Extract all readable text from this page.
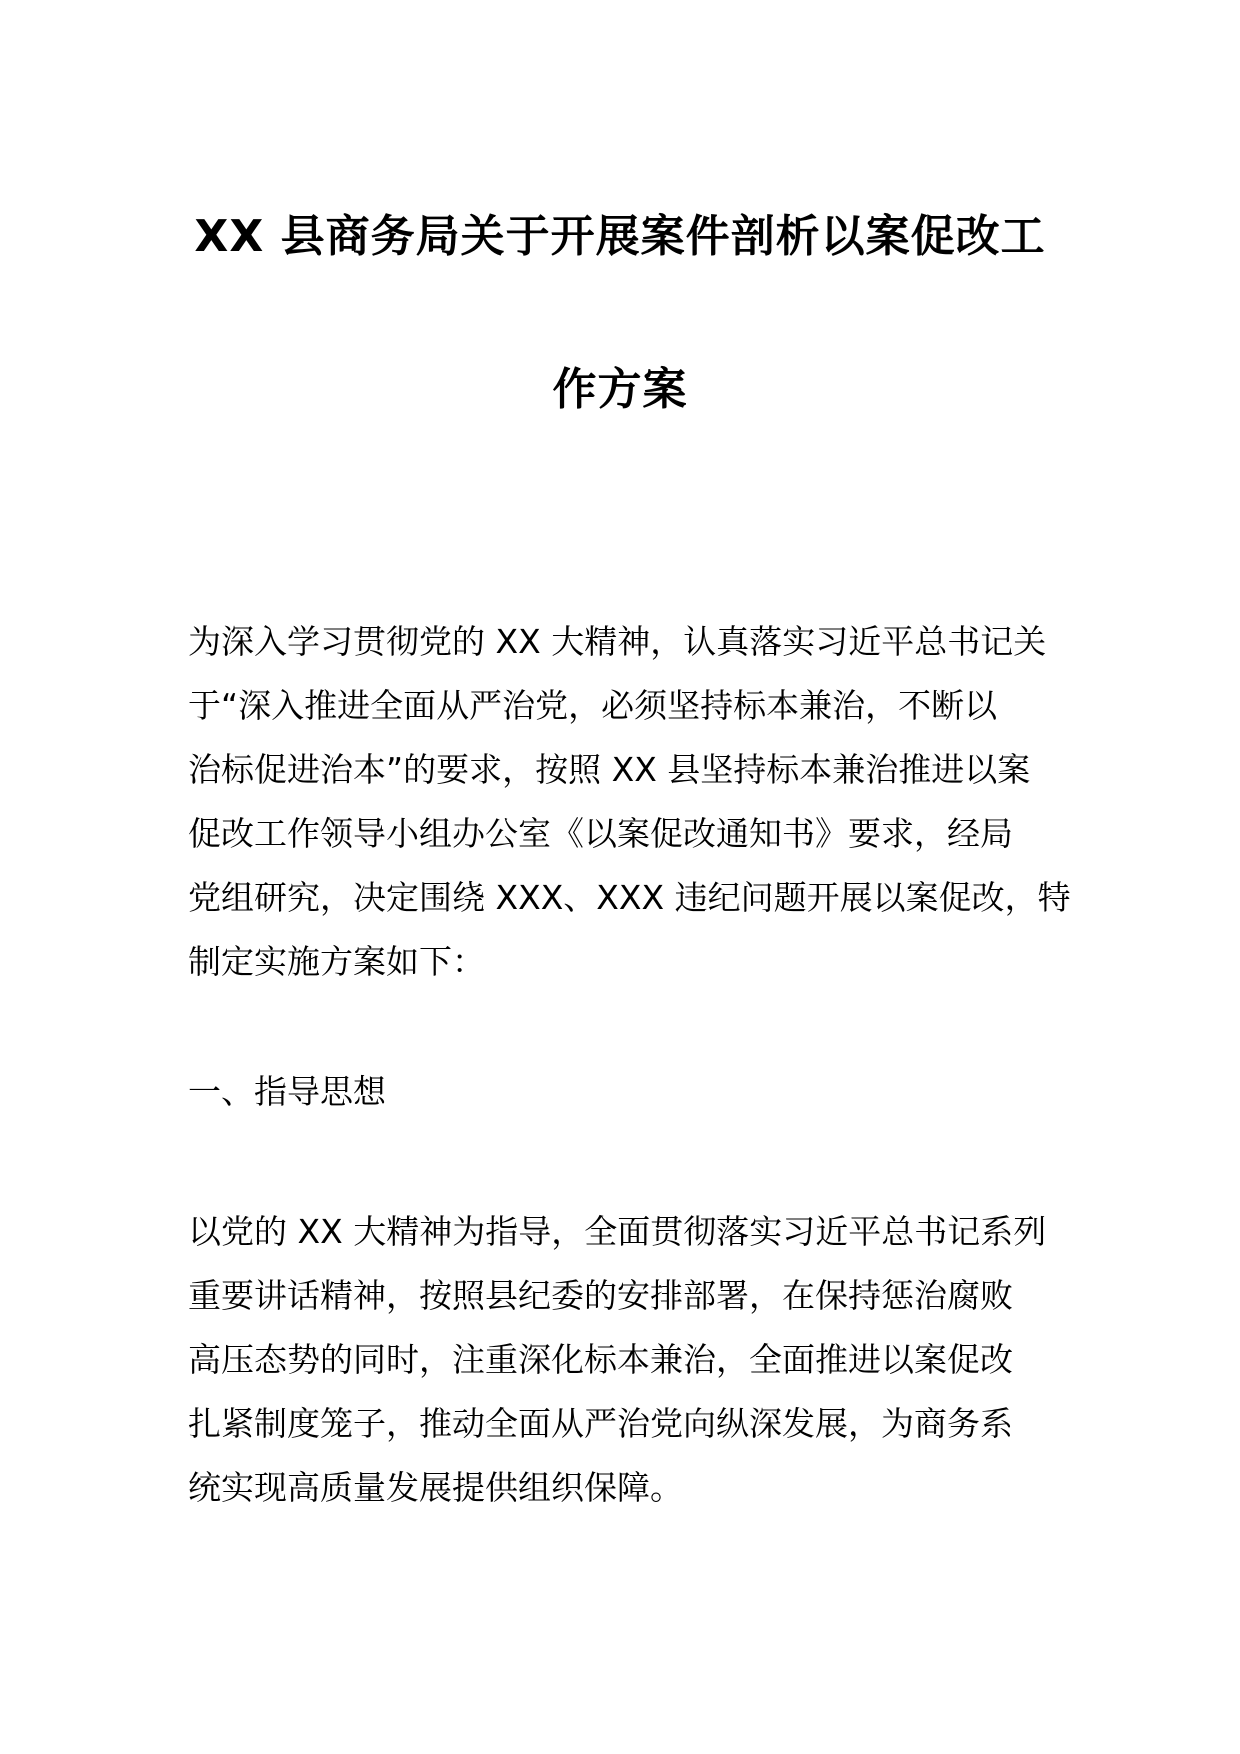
XX 县商务局关于开展案件剖析以案促改工
作方案
为深入学习贯彻党的 XX 大精神，认真落实习近平总书记关
于“深入推进全面从严治党，必须坚持标本兼治，不断以
治标促进治本”的要求，按照 XX 县坚持标本兼治推进以案
促改工作领导小组办公室《以案促改通知书》要求，经局
党组研究，决定围绕 XXX、XXX 违纪问题开展以案促改，特
制定实施方案如下：
一、指导思想
以党的 XX 大精神为指导，全面贯彻落实习近平总书记系列
重要讲话精神，按照县纪委的安排部署，在保持惩治腐败
高压态势的同时，注重深化标本兼治，全面推进以案促改
扎紧制度笼子，推动全面从严治党向纵深发展，为商务系
统实现高质量发展提供组织保障。
